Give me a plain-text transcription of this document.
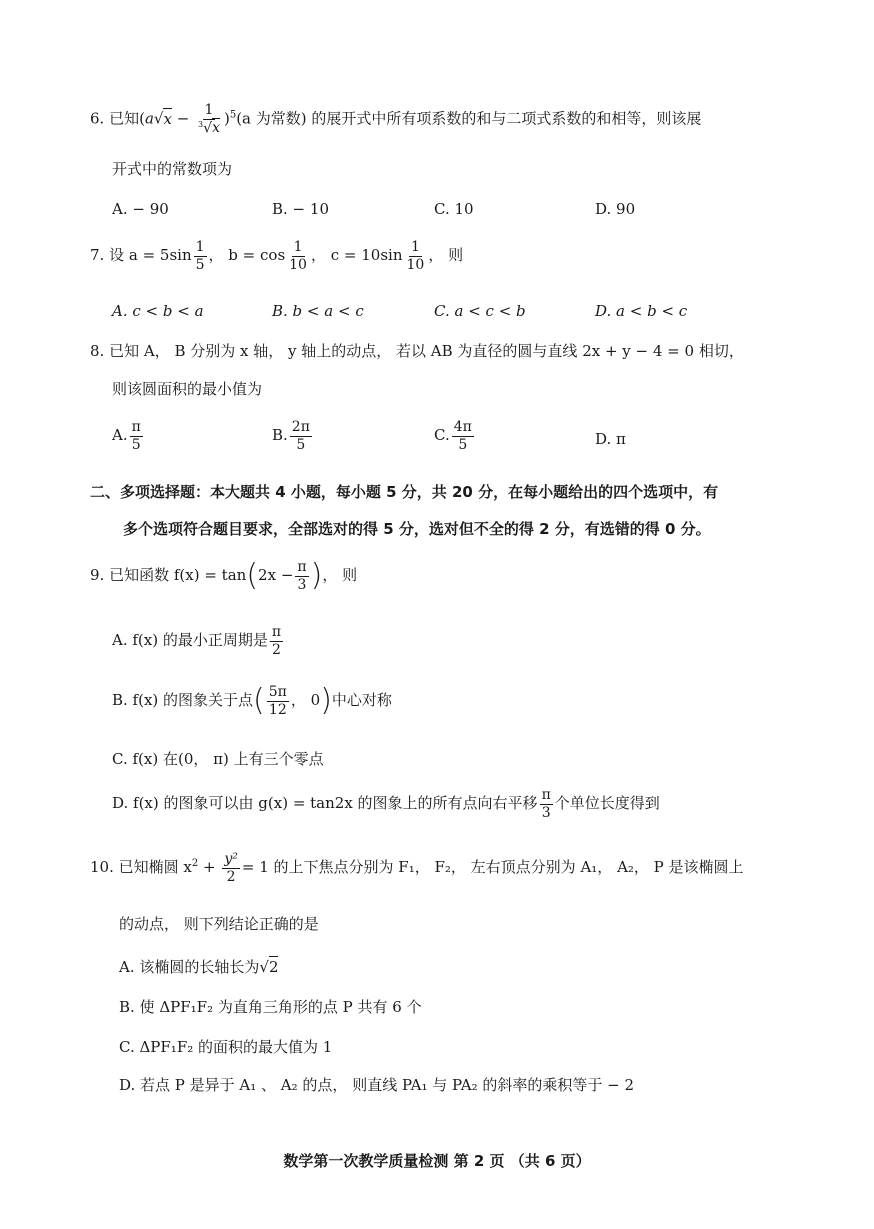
6. 已知$(a√x - \frac{1}{^3√x} )^5(a$ 为常数) 的展开式中所有项系数的和与二项式系数的和相等，则该展
开式中的常数项为
A. − 90	B. − 10	C. 10	D. 90
7. 设 $a = 5\sin \frac{1}{5}$ ， $b = \cos \frac{1}{10}$ ， $c = 10\sin \frac{1}{10}$ ， 则
A. c < b < a	B. b < a < c	C. a < c < b	D. a < b < c
8. 已知 A， B 分别为 x 轴， y 轴上的动点， 若以 AB 为直径的圆与直线 2x + y − 4 = 0 相切，
则该圆面积的最小值为
A. $\frac{\pi}{5}$	B. $\frac{2\pi}{5}$	C. $\frac{4\pi}{5}$	D. π
二、多项选择题：本大题共 4 小题，每小题 5 分，共 20 分，在每小题给出的四个选项中，有
多个选项符合题目要求，全部选对的得 5 分，选对但不全的得 2 分，有选错的得 0 分。
9. 已知函数 $f(x) = \tan(2x - \frac{\pi}{3}$ )， 则
A. f(x) 的最小正周期是 $\frac{\pi}{2}$
B. f(x) 的图象关于点( $\frac{5\pi}{12}$ ， 0)中心对称
C. f(x) 在(0， π) 上有三个零点
D. f(x) 的图象可以由 g(x) = tan2x 的图象上的所有点向右平移 $\frac{\pi}{3}$ 个单位长度得到
10. 已知椭圆 $x^2 + \frac{\text{y²}}{2} = 1$ 的上下焦点分别为 F₁， F₂， 左右顶点分别为 A₁， A₂， P 是该椭圆上
的动点， 则下列结论正确的是
A. 该椭圆的长轴长为√2
B. 使 ΔPF₁F₂ 为直角三角形的点 P 共有 6 个
C. ΔPF₁F₂ 的面积的最大值为 1
D. 若点 P 是异于 A₁ 、 A₂ 的点， 则直线 PA₁ 与 PA₂ 的斜率的乘积等于 − 2
数学第一次教学质量检测 第 2 页 （共 6 页）
